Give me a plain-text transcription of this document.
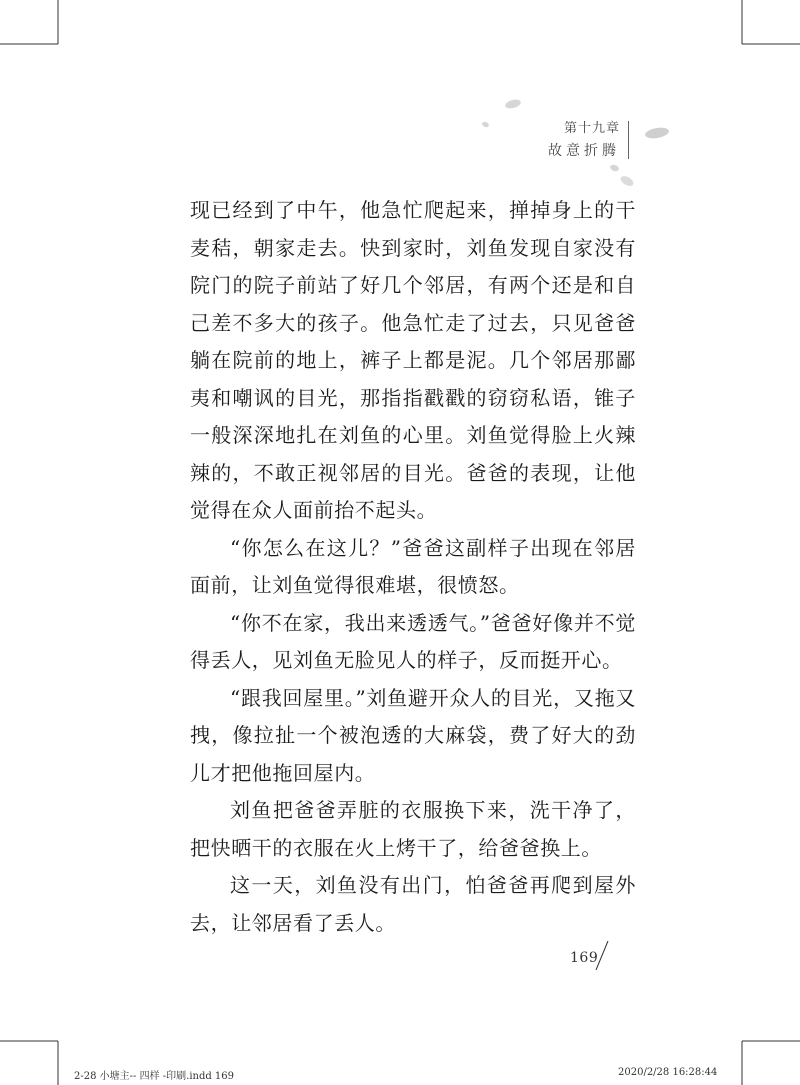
第十九章
故意折腾

现已经到了中午，他急忙爬起来，掸掉身上的干麦秸，朝家走去。快到家时，刘鱼发现自家没有院门的院子前站了好几个邻居，有两个还是和自己差不多大的孩子。他急忙走了过去，只见爸爸躺在院前的地上，裤子上都是泥。几个邻居那鄙夷和嘲讽的目光，那指指戳戳的窃窃私语，锥子一般深深地扎在刘鱼的心里。刘鱼觉得脸上火辣辣的，不敢正视邻居的目光。爸爸的表现，让他觉得在众人面前抬不起头。

“你怎么在这儿？”爸爸这副样子出现在邻居面前，让刘鱼觉得很难堪，很愤怒。

“你不在家，我出来透透气。”爸爸好像并不觉得丢人，见刘鱼无脸见人的样子，反而挺开心。

“跟我回屋里。”刘鱼避开众人的目光，又拖又拽，像拉扯一个被泡透的大麻袋，费了好大的劲儿才把他拖回屋内。

刘鱼把爸爸弄脏的衣服换下来，洗干净了，把快晒干的衣服在火上烤干了，给爸爸换上。

这一天，刘鱼没有出门，怕爸爸再爬到屋外去，让邻居看了丢人。

169
2-28 小塘主-- 四样 -印刷.indd 169	2020/2/28 16:28:44
